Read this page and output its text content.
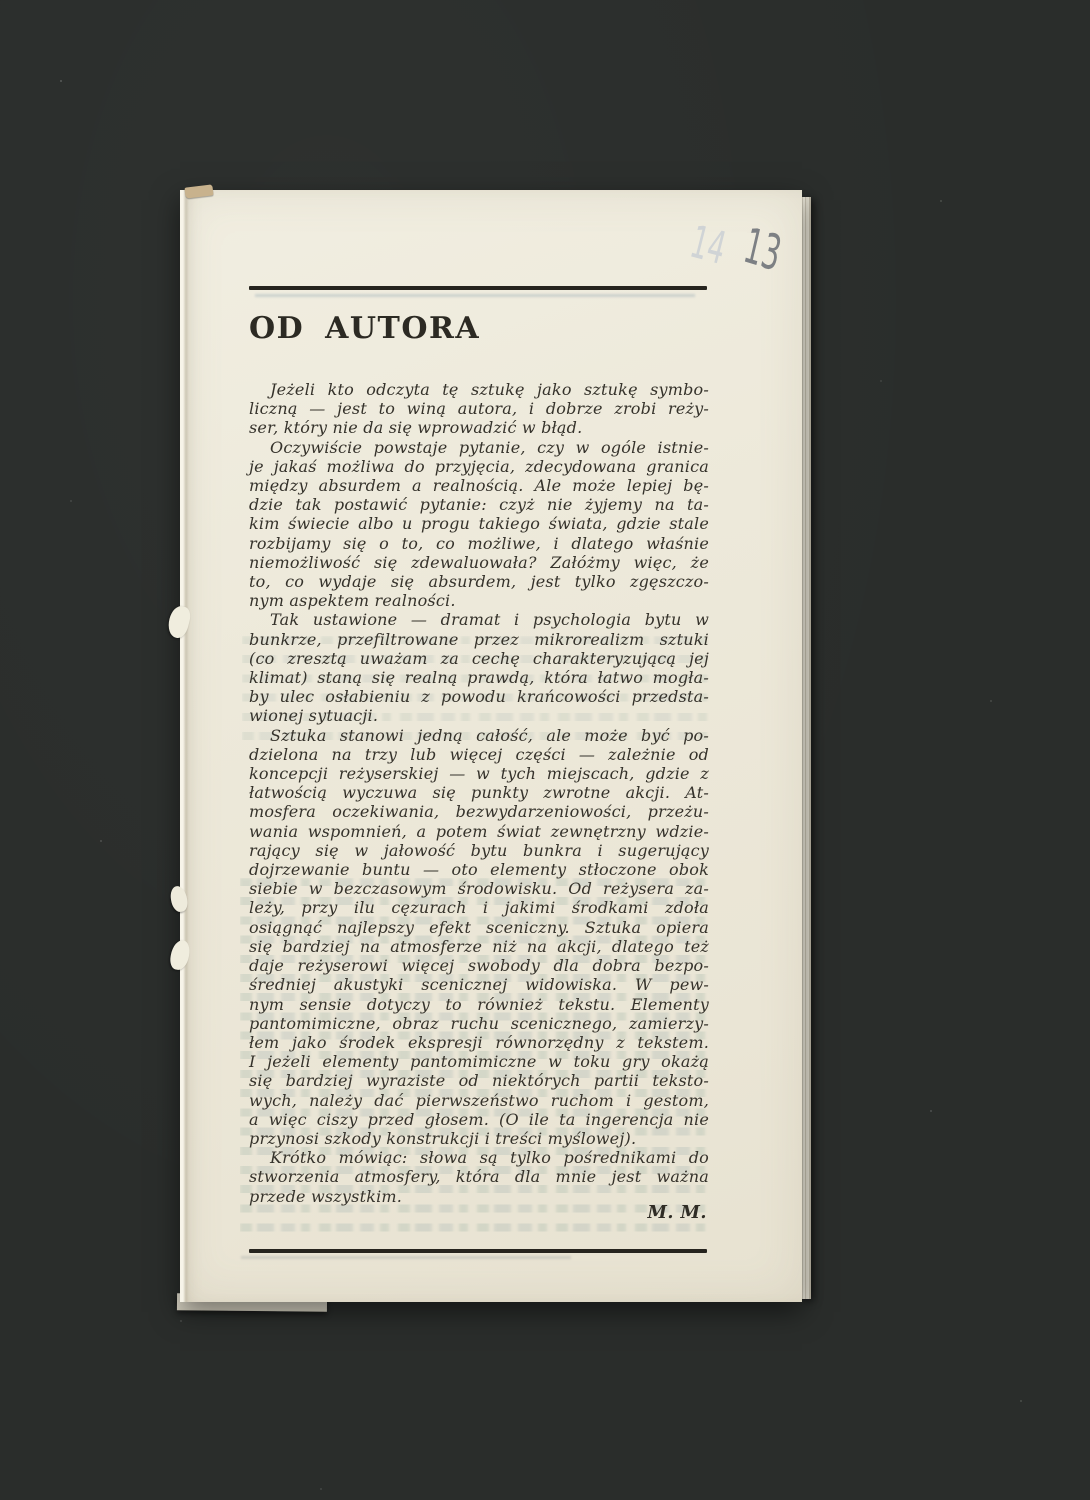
14 13
OD AUTORA

Jeżeli kto odczyta tę sztukę jako sztukę symbo-
liczną — jest to winą autora, i dobrze zrobi reży-
ser, który nie da się wprowadzić w błąd.

Oczywiście powstaje pytanie, czy w ogóle istnie-
je jakaś możliwa do przyjęcia, zdecydowana granica
między absurdem a realnością. Ale może lepiej bę-
dzie tak postawić pytanie: czyż nie żyjemy na ta-
kim świecie albo u progu takiego świata, gdzie stale
rozbijamy się o to, co możliwe, i dlatego właśnie
niemożliwość się zdewaluowała? Załóżmy więc, że
to, co wydaje się absurdem, jest tylko zgęszczo-
nym aspektem realności.

Tak ustawione — dramat i psychologia bytu w
bunkrze, przefiltrowane przez mikrorealizm sztuki
(co zresztą uważam za cechę charakteryzującą jej
klimat) staną się realną prawdą, która łatwo mogła-
by ulec osłabieniu z powodu krańcowości przedsta-
wionej sytuacji.

Sztuka stanowi jedną całość, ale może być po-
dzielona na trzy lub więcej części — zależnie od
koncepcji reżyserskiej — w tych miejscach, gdzie z
łatwością wyczuwa się punkty zwrotne akcji. At-
mosfera oczekiwania, bezwydarzeniowości, przeżu-
wania wspomnień, a potem świat zewnętrzny wdzie-
rający się w jałowość bytu bunkra i sugerujący
dojrzewanie buntu — oto elementy stłoczone obok
siebie w bezczasowym środowisku. Od reżysera za-
leży, przy ilu cęzurach i jakimi środkami zdoła
osiągnąć najlepszy efekt sceniczny. Sztuka opiera
się bardziej na atmosferze niż na akcji, dlatego też
daje reżyserowi więcej swobody dla dobra bezpo-
średniej akustyki scenicznej widowiska. W pew-
nym sensie dotyczy to również tekstu. Elementy
pantomimiczne, obraz ruchu scenicznego, zamierzy-
łem jako środek ekspresji równorzędny z tekstem.
I jeżeli elementy pantomimiczne w toku gry okażą
się bardziej wyraziste od niektórych partii teksto-
wych, należy dać pierwszeństwo ruchom i gestom,
a więc ciszy przed głosem. (O ile ta ingerencja nie
przynosi szkody konstrukcji i treści myślowej).

Krótko mówiąc: słowa są tylko pośrednikami do
stworzenia atmosfery, która dla mnie jest ważna
przede wszystkim.

M. M.
